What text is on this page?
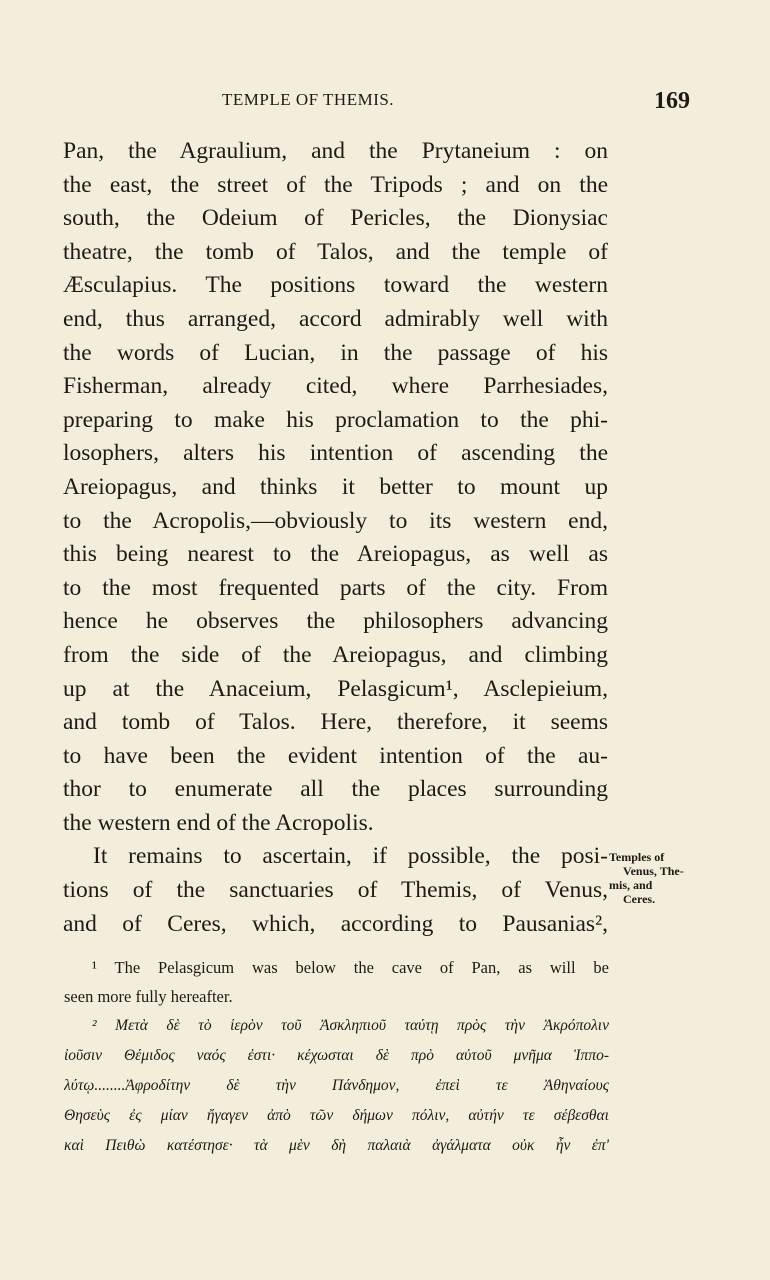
TEMPLE OF THEMIS.	169
Pan, the Agraulium, and the Prytaneium : on
the east, the street of the Tripods ; and on the
south, the Odeium of Pericles, the Dionysiac
theatre, the tomb of Talos, and the temple of
Æsculapius. The positions toward the western
end, thus arranged, accord admirably well with
the words of Lucian, in the passage of his
Fisherman, already cited, where Parrhesiades,
preparing to make his proclamation to the phi-
losophers, alters his intention of ascending the
Areiopagus, and thinks it better to mount up
to the Acropolis,—obviously to its western end,
this being nearest to the Areiopagus, as well as
to the most frequented parts of the city. From
hence he observes the philosophers advancing
from the side of the Areiopagus, and climbing
up at the Anaceium, Pelasgicum¹, Asclepieium,
and tomb of Talos. Here, therefore, it seems
to have been the evident intention of the au-
thor to enumerate all the places surrounding
the western end of the Acropolis.
It remains to ascertain, if possible, the posi-
tions of the sanctuaries of Themis, of Venus,
and of Ceres, which, according to Pausanias²,
Temples of
Venus, The-
mis, and
Ceres.
¹ The Pelasgicum was below the cave of Pan, as will be
seen more fully hereafter.
² Μετὰ δὲ τὸ ἱερὸν τοῦ Ἀσκληπιοῦ ταύτῃ πρὸς τὴν Ἀκρόπολιν
ἰοῦσιν Θέμιδος ναός ἐστι· κέχωσται δὲ πρὸ αὐτοῦ μνῆμα Ἱππο-
λύτῳ........Ἀφροδίτην δὲ τὴν Πάνδημον, ἐπεὶ τε Ἀθηναίους
Θησεὺς ἐς μίαν ἤγαγεν ἀπὸ τῶν δήμων πόλιν, αὐτήν τε σέβεσθαι
καὶ Πειθὼ κατέστησε· τὰ μὲν δὴ παλαιὰ ἀγάλματα οὐκ ἦν ἐπ'
